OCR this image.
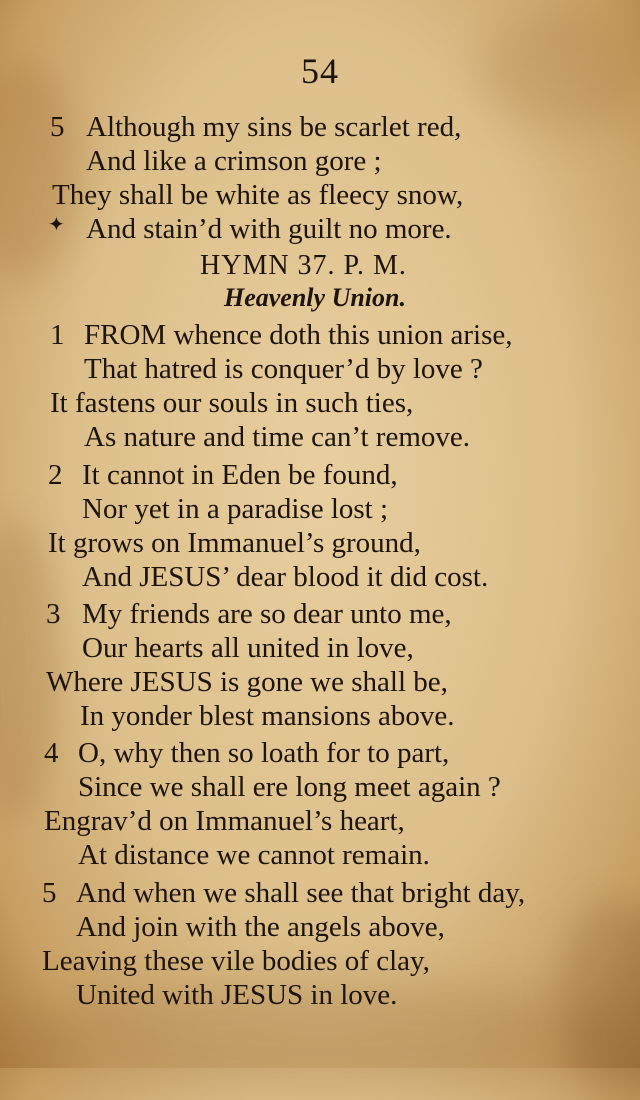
54
5 Although my sins be scarlet red,
And like a crimson gore ;
They shall be white as fleecy snow,
And stain’d with guilt no more.
✦
HYMN 37. P. M.
Heavenly Union.
1 FROM whence doth this union arise,
That hatred is conquer’d by love ?
It fastens our souls in such ties,
As nature and time can’t remove.
2 It cannot in Eden be found,
Nor yet in a paradise lost ;
It grows on Immanuel’s ground,
And JESUS’ dear blood it did cost.
3 My friends are so dear unto me,
Our hearts all united in love,
Where JESUS is gone we shall be,
In yonder blest mansions above.
4 O, why then so loath for to part,
Since we shall ere long meet again ?
Engrav’d on Immanuel’s heart,
At distance we cannot remain.
5 And when we shall see that bright day,
And join with the angels above,
Leaving these vile bodies of clay,
United with JESUS in love.
